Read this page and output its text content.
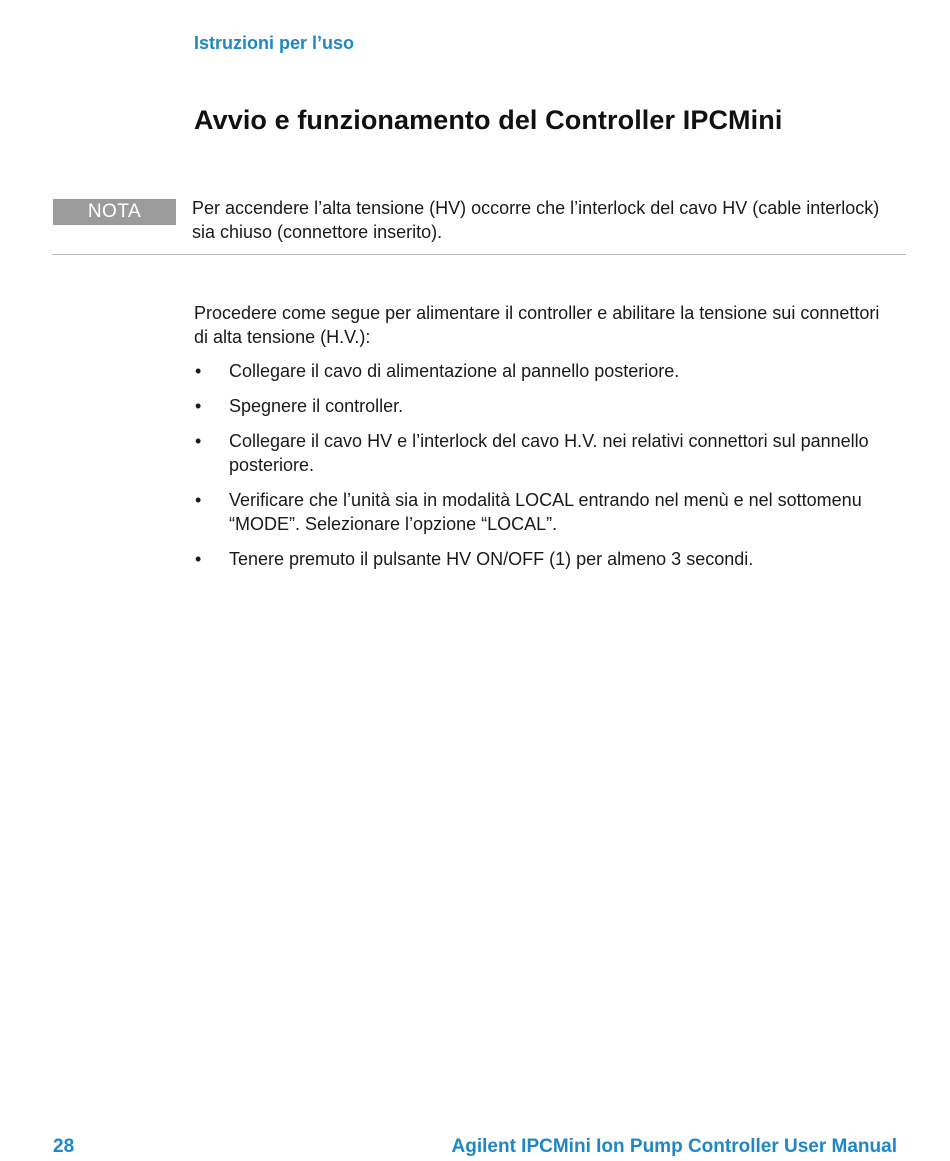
Istruzioni per l’uso
Avvio e funzionamento del Controller IPCMini
NOTA	Per accendere l’alta tensione (HV) occorre che l’interlock del cavo HV (cable interlock) sia chiuso (connettore inserito).
Procedere come segue per alimentare il controller e abilitare la tensione sui connettori di alta tensione (H.V.):
• Collegare il cavo di alimentazione al pannello posteriore.
• Spegnere il controller.
• Collegare il cavo HV e l’interlock del cavo H.V. nei relativi connettori sul pannello posteriore.
• Verificare che l’unità sia in modalità LOCAL entrando nel menù e nel sottomenu “MODE”. Selezionare l’opzione “LOCAL”.
• Tenere premuto il pulsante HV ON/OFF (1) per almeno 3 secondi.
28	Agilent IPCMini Ion Pump Controller User Manual
